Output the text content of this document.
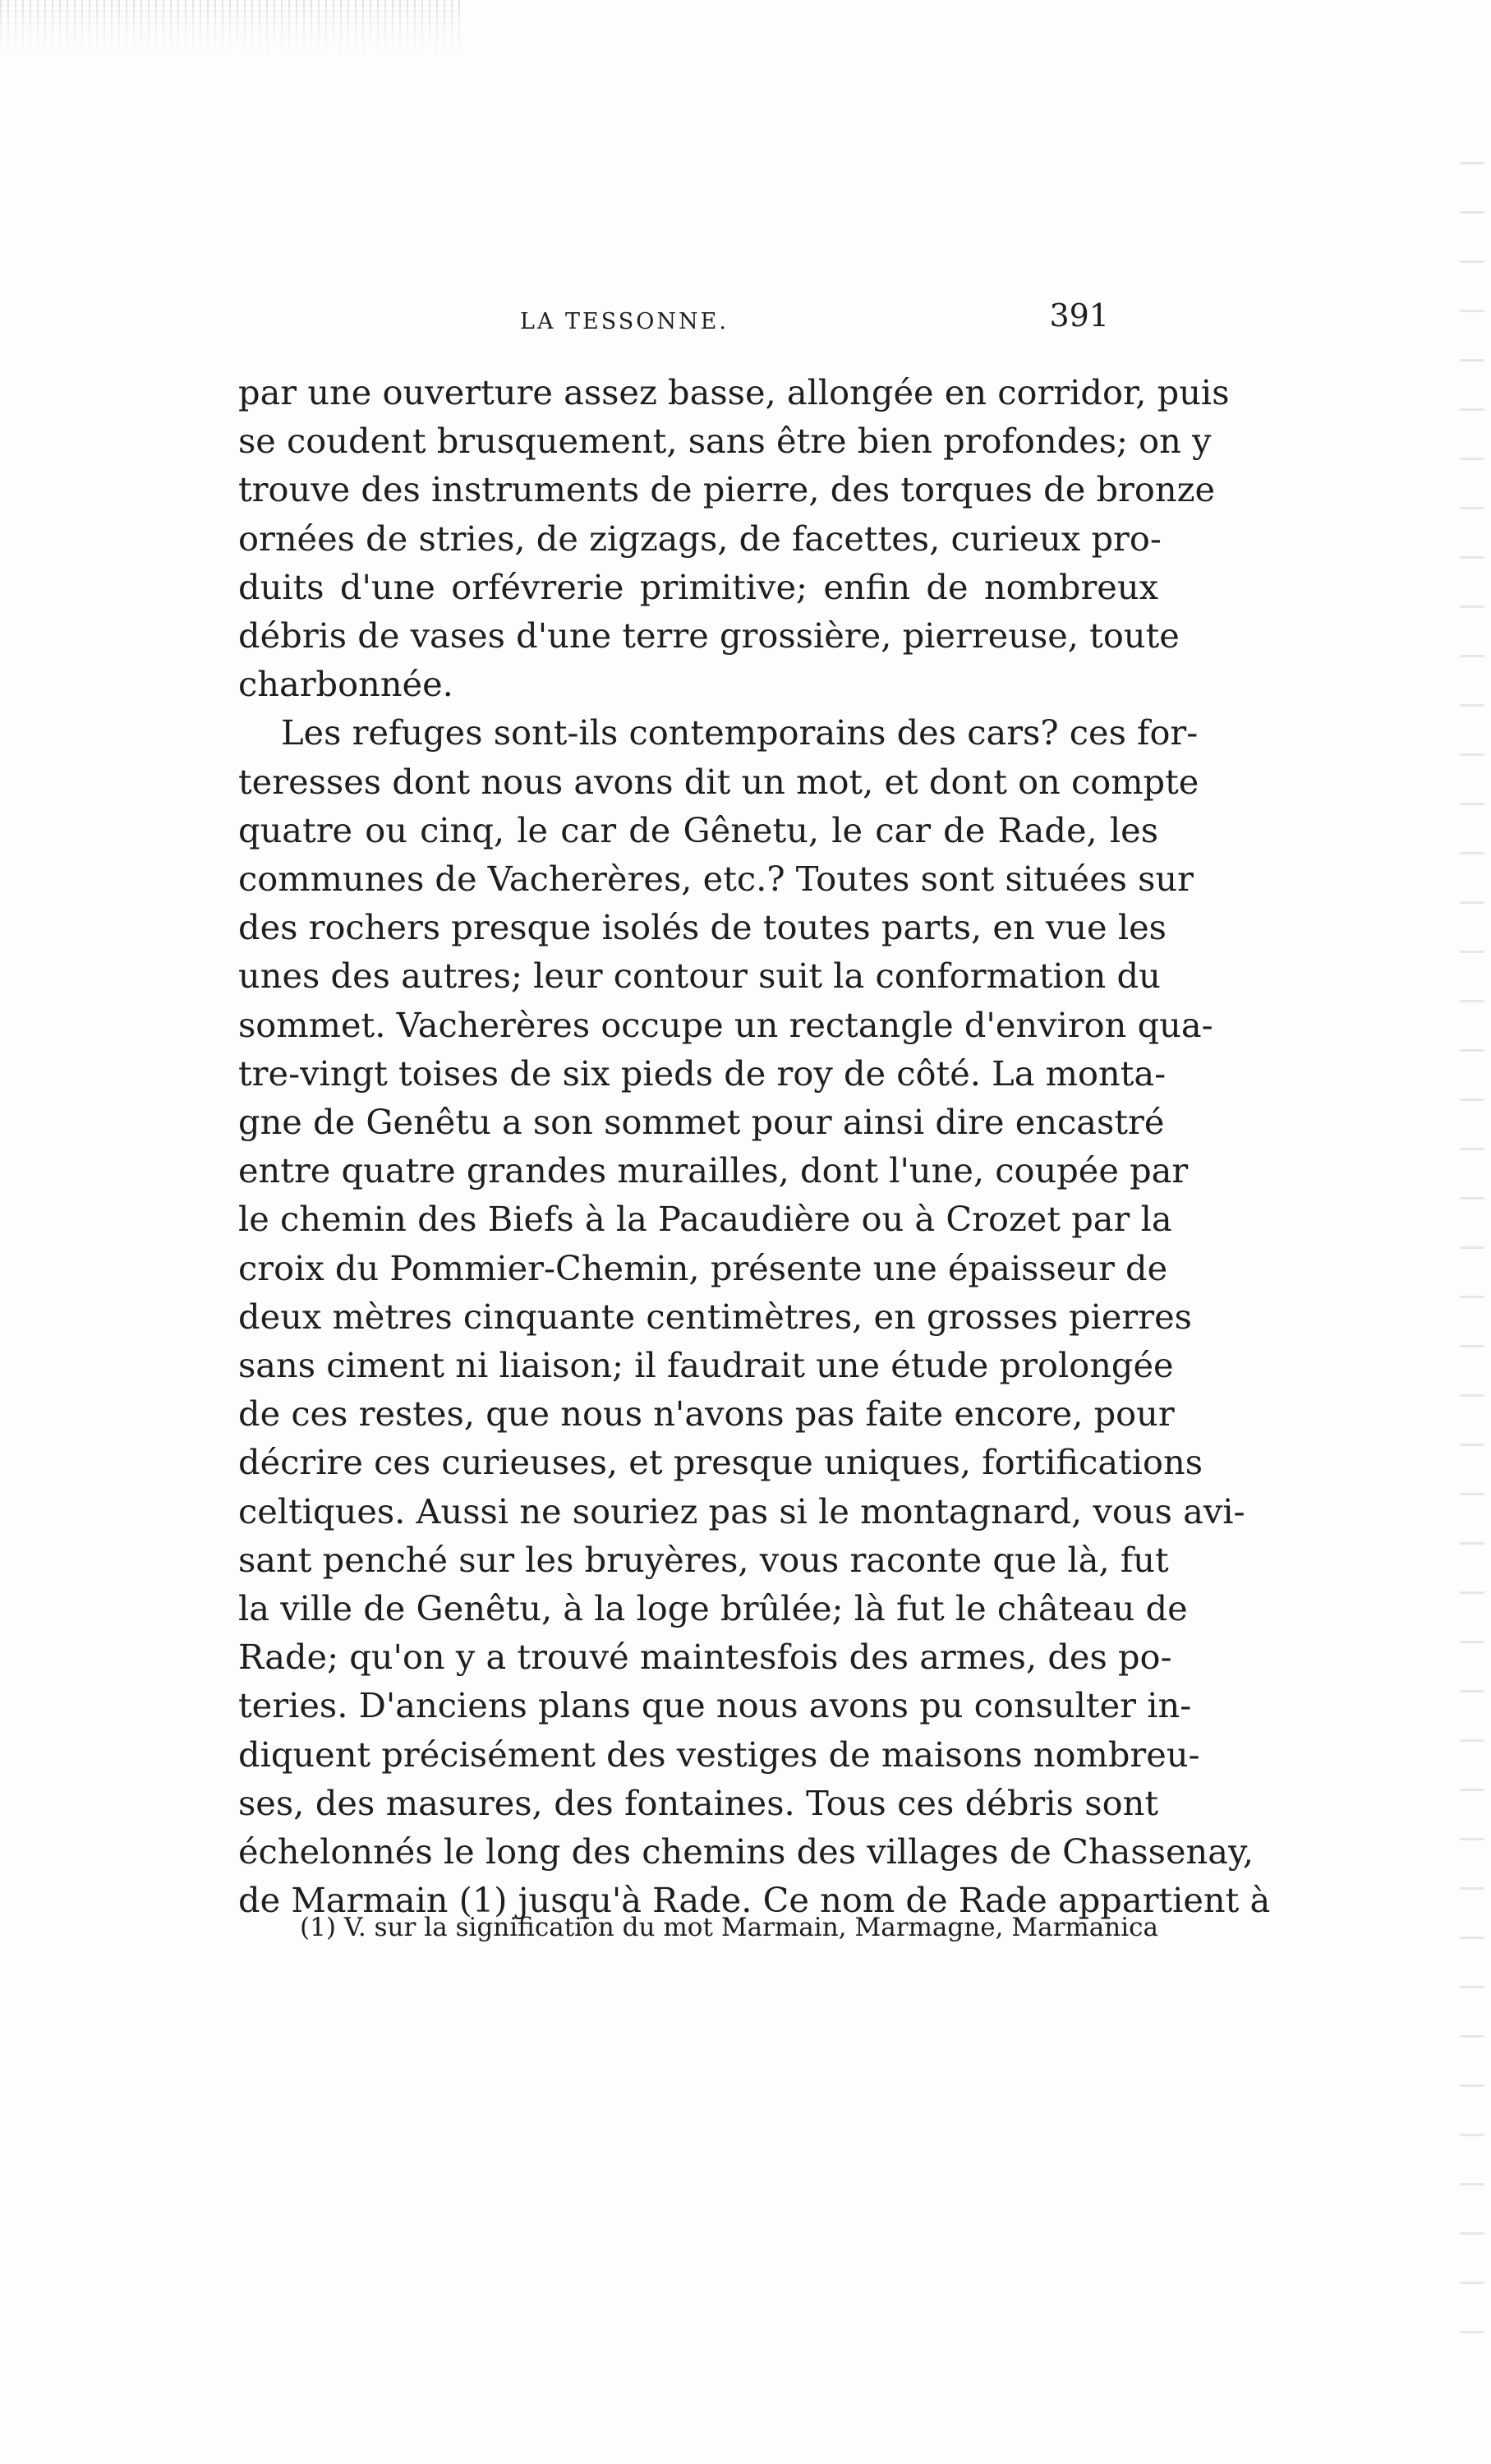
LA TESSONNE.	391
par une ouverture assez basse, allongée en corridor, puis
se coudent brusquement, sans être bien profondes; on y
trouve des instruments de pierre, des torques de bronze
ornées de stries, de zigzags, de facettes, curieux pro-
duits d'une orfévrerie primitive; enfin de nombreux
débris de vases d'une terre grossière, pierreuse, toute
charbonnée.
Les refuges sont-ils contemporains des cars? ces for-
teresses dont nous avons dit un mot, et dont on compte
quatre ou cinq, le car de Gênetu, le car de Rade, les
communes de Vacherères, etc.? Toutes sont situées sur
des rochers presque isolés de toutes parts, en vue les
unes des autres; leur contour suit la conformation du
sommet. Vacherères occupe un rectangle d'environ qua-
tre-vingt toises de six pieds de roy de côté. La monta-
gne de Genêtu a son sommet pour ainsi dire encastré
entre quatre grandes murailles, dont l'une, coupée par
le chemin des Biefs à la Pacaudière ou à Crozet par la
croix du Pommier-Chemin, présente une épaisseur de
deux mètres cinquante centimètres, en grosses pierres
sans ciment ni liaison; il faudrait une étude prolongée
de ces restes, que nous n'avons pas faite encore, pour
décrire ces curieuses, et presque uniques, fortifications
celtiques. Aussi ne souriez pas si le montagnard, vous avi-
sant penché sur les bruyères, vous raconte que là, fut
la ville de Genêtu, à la loge brûlée; là fut le château de
Rade; qu'on y a trouvé maintesfois des armes, des po-
teries. D'anciens plans que nous avons pu consulter in-
diquent précisément des vestiges de maisons nombreu-
ses, des masures, des fontaines. Tous ces débris sont
échelonnés le long des chemins des villages de Chassenay,
de Marmain (1) jusqu'à Rade. Ce nom de Rade appartient à
(1) V. sur la signification du mot Marmain, Marmagne, Marmanica
